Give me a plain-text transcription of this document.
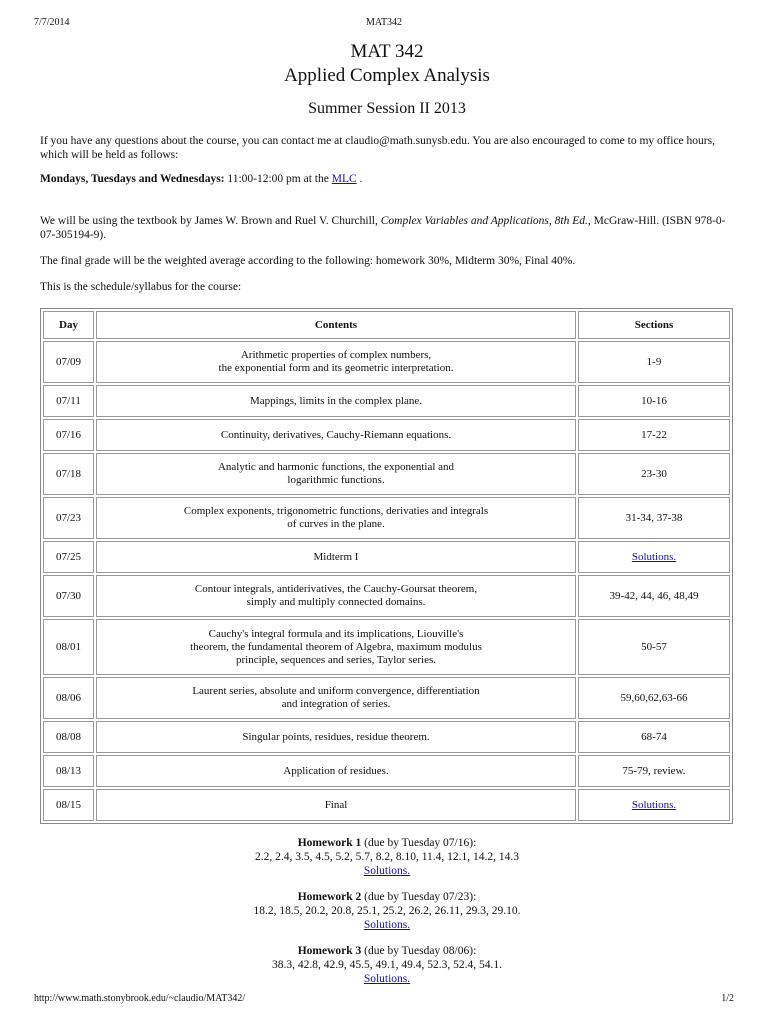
7/7/2014	MAT342
MAT 342
Applied Complex Analysis
Summer Session II 2013

If you have any questions about the course, you can contact me at claudio@math.sunysb.edu. You are also encouraged to come to my office hours, which will be held as follows:

Mondays, Tuesdays and Wednesdays: 11:00-12:00 pm at the MLC .

We will be using the textbook by James W. Brown and Ruel V. Churchill, Complex Variables and Applications, 8th Ed., McGraw-Hill. (ISBN 978-0-07-305194-9).

The final grade will be the weighted average according to the following: homework 30%, Midterm 30%, Final 40%.

This is the schedule/syllabus for the course:

Day	Contents	Sections
07/09	Arithmetic properties of complex numbers,
the exponential form and its geometric interpretation.	1-9
07/11	Mappings, limits in the complex plane.	10-16
07/16	Continuity, derivatives, Cauchy-Riemann equations.	17-22
07/18	Analytic and harmonic functions, the exponential and
logarithmic functions.	23-30
07/23	Complex exponents, trigonometric functions, derivaties and integrals
of curves in the plane.	31-34, 37-38
07/25	Midterm I	Solutions.
07/30	Contour integrals, antiderivatives, the Cauchy-Goursat theorem,
simply and multiply connected domains.	39-42, 44, 46, 48,49
08/01	Cauchy's integral formula and its implications, Liouville's
theorem, the fundamental theorem of Algebra, maximum modulus
principle, sequences and series, Taylor series.	50-57
08/06	Laurent series, absolute and uniform convergence, differentiation
and integration of series.	59,60,62,63-66
08/08	Singular points, residues, residue theorem.	68-74
08/13	Application of residues.	75-79, review.
08/15	Final	Solutions.
Homework 1 (due by Tuesday 07/16):
2.2, 2.4, 3.5, 4.5, 5.2, 5.7, 8.2, 8.10, 11.4, 12.1, 14.2, 14.3
Solutions.
Homework 2 (due by Tuesday 07/23):
18.2, 18.5, 20.2, 20.8, 25.1, 25.2, 26.2, 26.11, 29.3, 29.10.
Solutions.
Homework 3 (due by Tuesday 08/06):
38.3, 42.8, 42.9, 45.5, 49.1, 49.4, 52.3, 52.4, 54.1.
Solutions.
http://www.math.stonybrook.edu/~claudio/MAT342/	1/2
